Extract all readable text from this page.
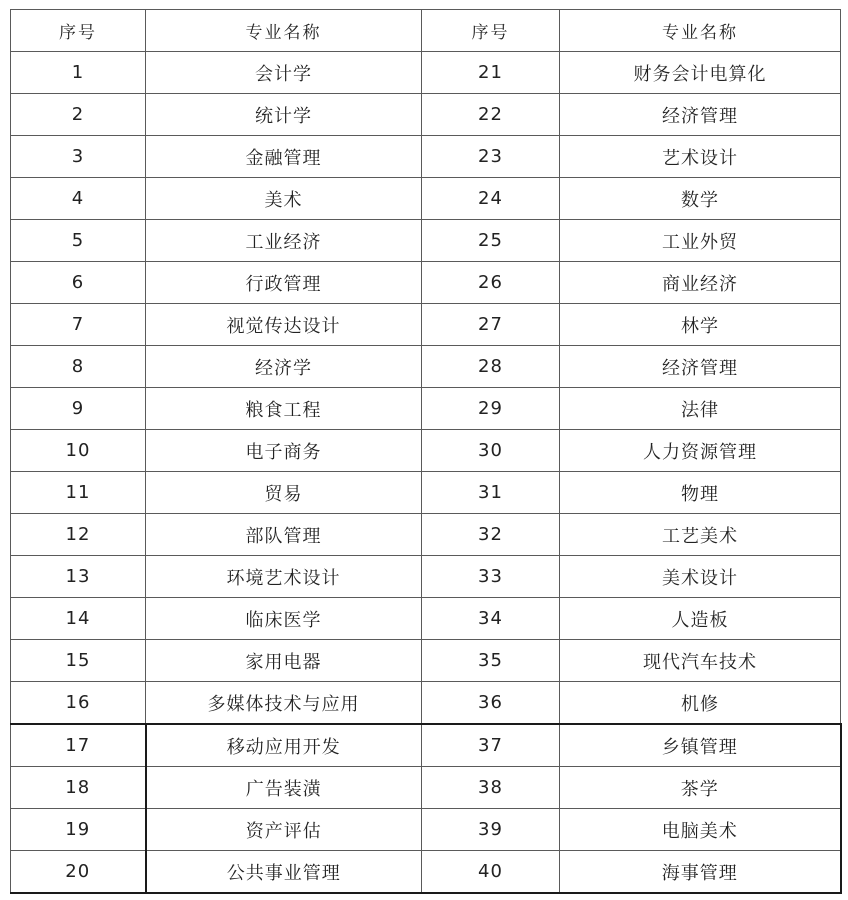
序号	专业名称	序号	专业名称
1	会计学	21	财务会计电算化
2	统计学	22	经济管理
3	金融管理	23	艺术设计
4	美术	24	数学
5	工业经济	25	工业外贸
6	行政管理	26	商业经济
7	视觉传达设计	27	林学
8	经济学	28	经济管理
9	粮食工程	29	法律
10	电子商务	30	人力资源管理
11	贸易	31	物理
12	部队管理	32	工艺美术
13	环境艺术设计	33	美术设计
14	临床医学	34	人造板
15	家用电器	35	现代汽车技术
16	多媒体技术与应用	36	机修
17	移动应用开发	37	乡镇管理
18	广告装潢	38	茶学
19	资产评估	39	电脑美术
20	公共事业管理	40	海事管理
